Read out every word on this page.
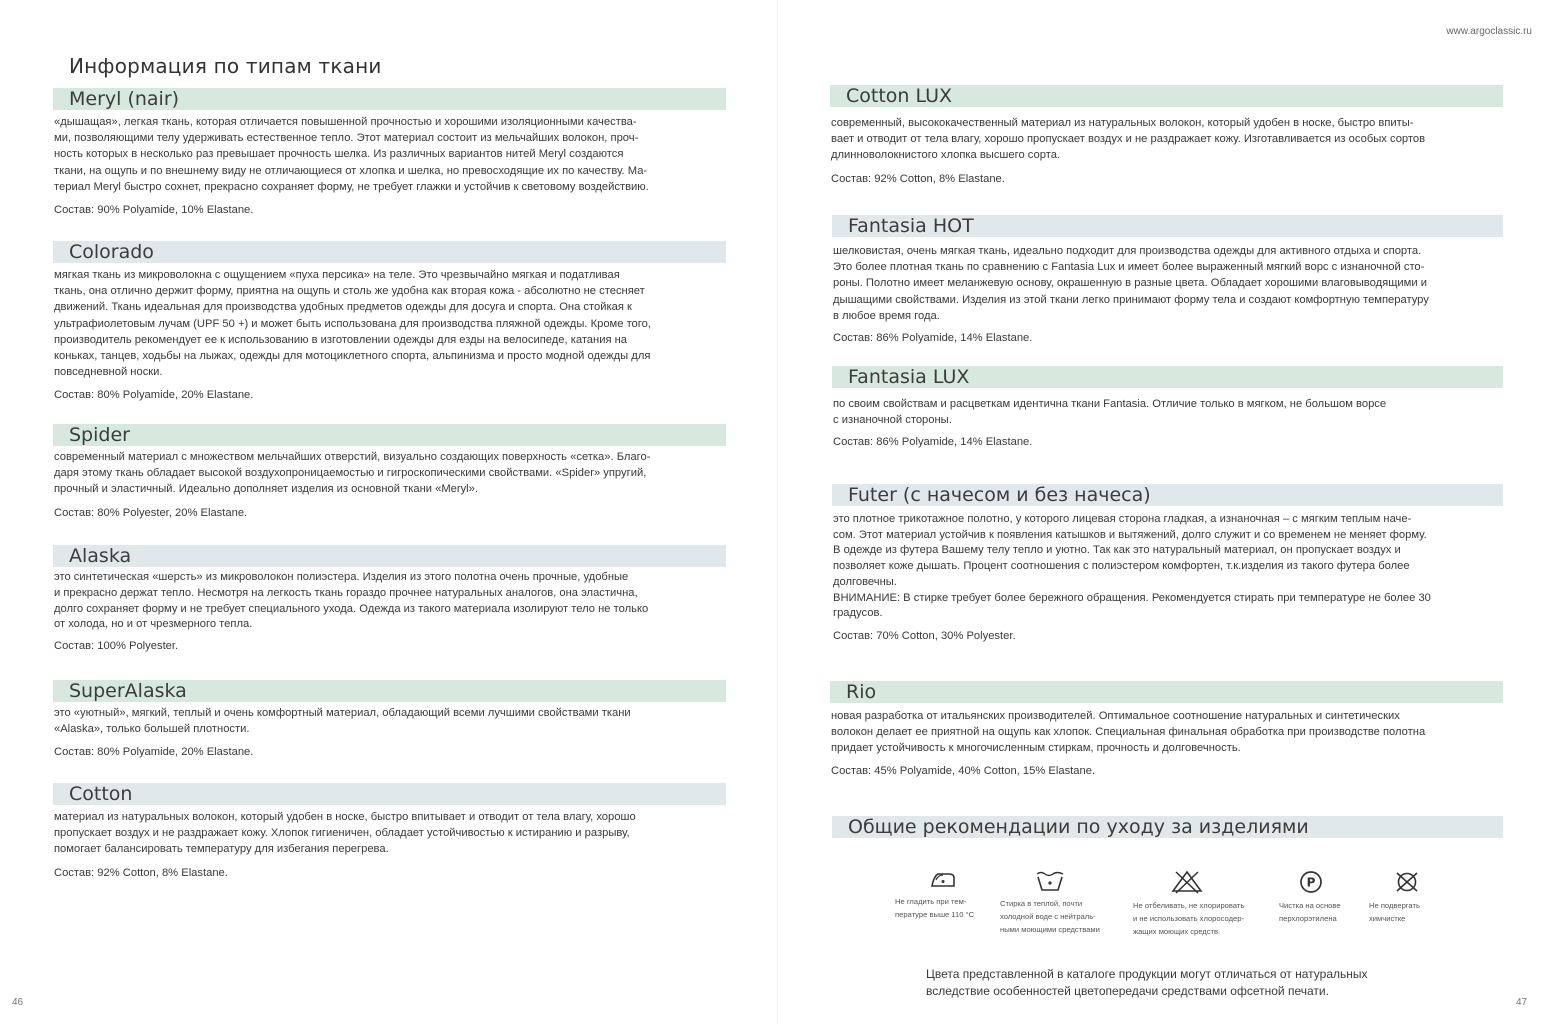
Информация по типам ткани
Meryl (nair)
«дышащая», легкая ткань, которая отличается повышенной прочностью и хорошими изоляционными качества-
ми, позволяющими телу удерживать естественное тепло. Этот материал состоит из мельчайших волокон, проч-
ность которых в несколько раз превышает прочность шелка. Из различных вариантов нитей Meryl создаются
ткани, на ощупь и по внешнему виду не отличающиеся от хлопка и шелка, но превосходящие их по качеству. Ма-
териал Meryl быстро сохнет, прекрасно сохраняет форму, не требует глажки и устойчив к световому воздействию.
Состав: 90% Polyamide, 10% Elastane.
Colorado
мягкая ткань из микроволокна с ощущением «пуха персика» на теле. Это чрезвычайно мягкая и податливая
ткань, она отлично держит форму, приятна на ощупь и столь же удобна как вторая кожа - абсолютно не стесняет
движений. Ткань идеальная для производства удобных предметов одежды для досуга и спорта. Она стойкая к
ультрафиолетовым лучам (UPF 50 +) и может быть использована для производства пляжной одежды. Кроме того,
производитель рекомендует ее к использованию в изготовлении одежды для езды на велосипеде, катания на
коньках, танцев, ходьбы на лыжах, одежды для мотоциклетного спорта, альпинизма и просто модной одежды для
повседневной носки.
Состав: 80% Polyamide, 20% Elastane.
Spider
современный материал с множеством мельчайших отверстий, визуально создающих поверхность «сетка». Благо-
даря этому ткань обладает высокой воздухопроницаемостью и гигроскопическими свойствами. «Spider» упругий,
прочный и эластичный. Идеально дополняет изделия из основной ткани «Meryl».
Состав: 80% Polyester, 20% Elastane.
Alaska
это синтетическая «шерсть» из микроволокон полиэстера. Изделия из этого полотна очень прочные, удобные
и прекрасно держат тепло. Несмотря на легкость ткань гораздо прочнее натуральных аналогов, она эластична,
долго сохраняет форму и не требует специального ухода. Одежда из такого материала изолируют тело не только
от холода, но и от чрезмерного тепла.
Состав: 100% Polyester.
SuperAlaska
это «уютный», мягкий, теплый и очень комфортный материал, обладающий всеми лучшими свойствами ткани
«Alaska», только большей плотности.
Состав: 80% Polyamide, 20% Elastane.
Cotton
материал из натуральных волокон, который удобен в носке, быстро впитывает и отводит от тела влагу, хорошо
пропускает воздух и не раздражает кожу. Хлопок гигиеничен, обладает устойчивостью к истиранию и разрыву,
помогает балансировать температуру для избегания перегрева.
Состав: 92% Cotton, 8% Elastane.
46
www.argoclassic.ru
Cotton LUX
современный, высококачественный материал из натуральных волокон, который удобен в носке, быстро впиты-
вает и отводит от тела влагу, хорошо пропускает воздух и не раздражает кожу. Изготавливается из особых сортов
длинноволокнистого хлопка высшего сорта.
Состав: 92% Cotton, 8% Elastane.
Fantasia HOT
шелковистая, очень мягкая ткань, идеально подходит для производства одежды для активного отдыха и спорта.
Это более плотная ткань по сравнению с Fantasia Lux и имеет более выраженный мягкий ворс с изнаночной сто-
роны. Полотно имеет меланжевую основу, окрашенную в разные цвета. Обладает хорошими влаговыводящими и
дышащими свойствами. Изделия из этой ткани легко принимают форму тела и создают комфортную температуру
в любое время года.
Состав: 86% Polyamide, 14% Elastane.
Fantasia LUX
по своим свойствам и расцветкам идентична ткани Fantasia. Отличие только в мягком, не большом ворсе
с изнаночной стороны.
Состав: 86% Polyamide, 14% Elastane.
Futer (с начесом и без начеса)
это плотное трикотажное полотно, у которого лицевая сторона гладкая, а изнаночная – с мягким теплым наче-
сом. Этот материал устойчив к появления катышков и вытяжений, долго служит и со временем не меняет форму.
В одежде из футера Вашему телу тепло и уютно. Так как это натуральный материал, он пропускает воздух и
позволяет коже дышать. Процент соотношения с полиэстером комфортен, т.к.изделия из такого футера более
долговечны.
ВНИМАНИЕ: В стирке требует более бережного обращения. Рекомендуется стирать при температуре не более 30
градусов.
Состав: 70% Cotton, 30% Polyester.
Rio
новая разработка от итальянских производителей. Оптимальное соотношение натуральных и синтетических
волокон делает ее приятной на ощупь как хлопок. Специальная финальная обработка при производстве полотна
придает устойчивость к многочисленным стиркам, прочность и долговечность.
Состав: 45% Polyamide, 40% Cotton, 15% Elastane.
Общие рекомендации по уходу за изделиями
Не гладить при тем-
пературе выше 110 °С
Стирка в теплой, почти
холодной воде с нейтраль-
ными моющими средствами
Не отбеливать, не хлорировать
и не использовать хлоросодер-
жащих моющих средств.
P
Чистка на основе
перхлорэтилена
Не подвергать
химчистке
Цвета представленной в каталоге продукции могут отличаться от натуральных
вследствие особенностей цветопередачи средствами офсетной печати.
47
